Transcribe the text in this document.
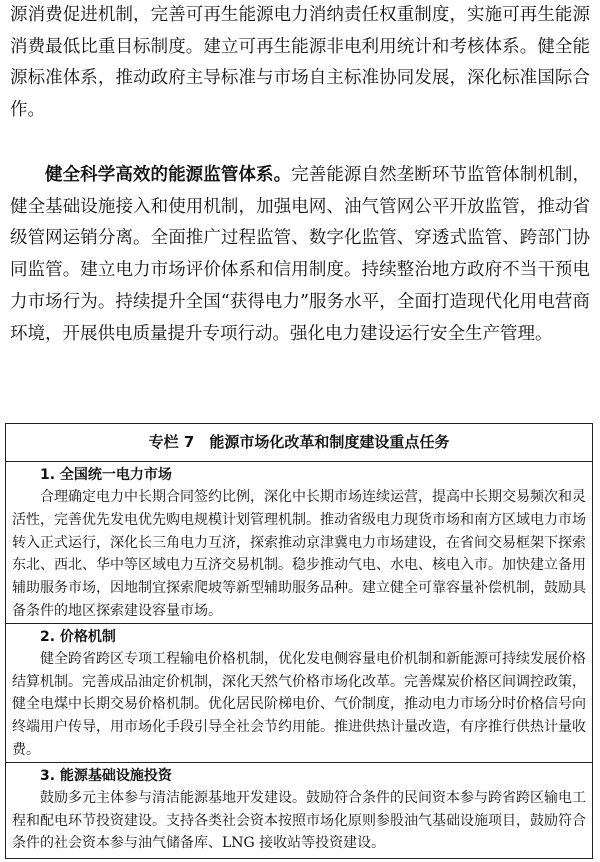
源消费促进机制，完善可再生能源电力消纳责任权重制度，实施可再生能源消费最低比重目标制度。建立可再生能源非电利用统计和考核体系。健全能源标准体系，推动政府主导标准与市场自主标准协同发展，深化标准国际合作。

健全科学高效的能源监管体系。完善能源自然垄断环节监管体制机制，健全基础设施接入和使用机制，加强电网、油气管网公平开放监管，推动省级管网运销分离。全面推广过程监管、数字化监管、穿透式监管、跨部门协同监管。建立电力市场评价体系和信用制度。持续整治地方政府不当干预电力市场行为。持续提升全国“获得电力”服务水平，全面打造现代化用电营商环境，开展供电质量提升专项行动。强化电力建设运行安全生产管理。

专栏 7　能源市场化改革和制度建设重点任务
1. 全国统一电力市场

合理确定电力中长期合同签约比例，深化中长期市场连续运营，提高中长期交易频次和灵活性，完善优先发电优先购电规模计划管理机制。推动省级电力现货市场和南方区域电力市场转入正式运行，深化长三角电力互济，探索推动京津冀电力市场建设，在省间交易框架下探索东北、西北、华中等区域电力互济交易机制。稳步推动气电、水电、核电入市。加快建立备用辅助服务市场，因地制宜探索爬坡等新型辅助服务品种。建立健全可靠容量补偿机制，鼓励具备条件的地区探索建设容量市场。

2. 价格机制

健全跨省跨区专项工程输电价格机制，优化发电侧容量电价机制和新能源可持续发展价格结算机制。完善成品油定价机制，深化天然气价格市场化改革。完善煤炭价格区间调控政策，健全电煤中长期交易价格机制。优化居民阶梯电价、气价制度，推动电力市场分时价格信号向终端用户传导，用市场化手段引导全社会节约用能。推进供热计量改造，有序推行供热计量收费。

3. 能源基础设施投资

鼓励多元主体参与清洁能源基地开发建设。鼓励符合条件的民间资本参与跨省跨区输电工程和配电环节投资建设。支持各类社会资本按照市场化原则参股油气基础设施项目，鼓励符合条件的社会资本参与油气储备库、LNG 接收站等投资建设。
